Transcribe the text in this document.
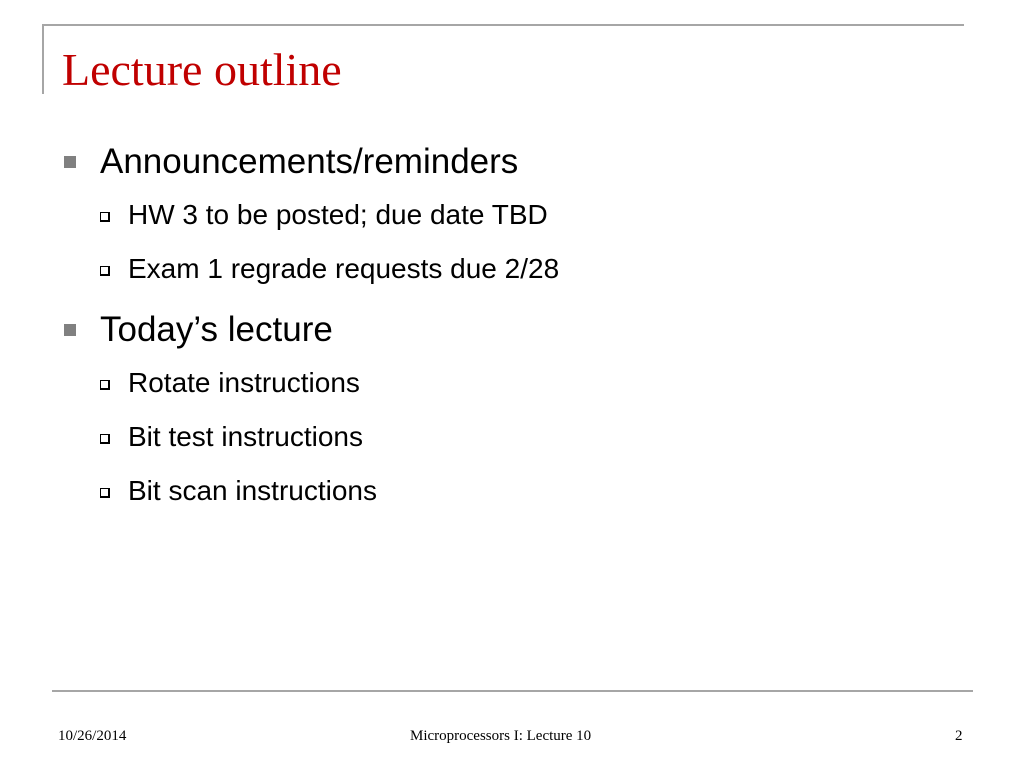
Lecture outline
Announcements/reminders
HW 3 to be posted; due date TBD
Exam 1 regrade requests due 2/28
Today’s lecture
Rotate instructions
Bit test instructions
Bit scan instructions
10/26/2014	Microprocessors I: Lecture 10	2
